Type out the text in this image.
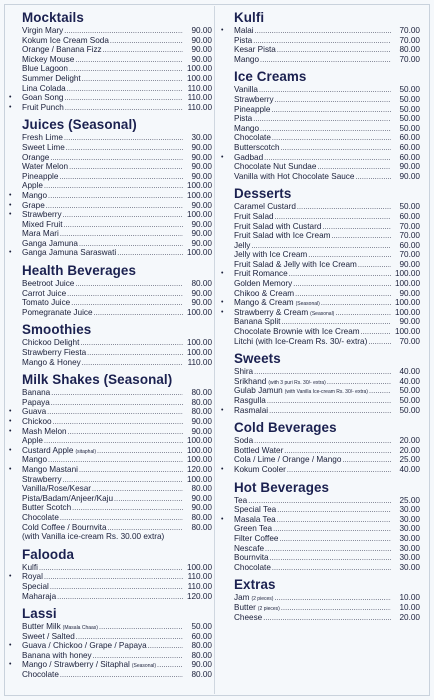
Mocktails
Virgin Mary .....	90.00
Kokum Ice Cream Soda .....	90.00
Orange / Banana Fizz .....	90.00
Mickey Mouse .....	90.00
Blue Lagoon .....	100.00
Summer Delight .....	100.00
Lina Colada .....	110.00
• Goan Song .....	110.00
• Fruit Punch .....	110.00
Juices (Seasonal)
Fresh Lime .....	30.00
Sweet Lime .....	90.00
Orange .....	90.00
Water Melon .....	90.00
Pineapple .....	90.00
Apple .....	100.00
• Mango .....	100.00
• Grape .....	90.00
• Strawberry .....	100.00
Mixed Fruit .....	90.00
Mara Mari .....	90.00
Ganga Jamuna .....	90.00
• Ganga Jamuna Saraswati .....	100.00
Health Beverages
Beetroot Juice .....	80.00
Carrot Juice .....	90.00
Tomato Juice .....	90.00
Pomegranate Juice .....	100.00
Smoothies
Chickoo Delight .....	100.00
Strawberry Fiesta .....	100.00
Mango & Honey .....	110.00
Milk Shakes (Seasonal)
Banana .....	80.00
Papaya .....	80.00
• Guava .....	80.00
• Chickoo .....	90.00
• Mash Melon .....	90.00
Apple .....	100.00
• Custard Apple (sitaphal) .....	100.00
Mango .....	100.00
• Mango Mastani .....	120.00
Strawberry .....	100.00
Vanilla/Rose/Kesar .....	80.00
Pista/Badam/Anjeer/Kaju .....	90.00
Butter Scotch .....	90.00
Chocolate .....	80.00
Cold Coffee / Bournvita .....	80.00
(with Vanilla ice-cream Rs. 30.00 extra)
Falooda
Kulfi .....	100.00
• Royal .....	110.00
Special .....	110.00
Maharaja .....	120.00
Lassi
Butter Milk (Masala Chaas) .....	50.00
Sweet / Salted .....	60.00
• Guava / Chickoo / Grape / Papaya .....	80.00
Banana with honey .....	80.00
• Mango / Strawberry / Sitaphal (Seasonal) .....	90.00
Chocolate .....	80.00
Kulfi
• Malai .....	70.00
Pista .....	70.00
Kesar Pista .....	80.00
Mango .....	70.00
Ice Creams
Vanilla .....	50.00
Strawberry .....	50.00
Pineapple .....	50.00
Pista .....	50.00
Mango .....	50.00
Chocolate .....	60.00
Butterscotch .....	60.00
• Gadbad .....	60.00
Chocolate Nut Sundae .....	90.00
Vanilla with Hot Chocolate Sauce .....	90.00
Desserts
Caramel Custard .....	50.00
Fruit Salad .....	60.00
Fruit Salad with Custard .....	70.00
Fruit Salad with Ice Cream .....	70.00
Jelly .....	60.00
Jelly with Ice Cream .....	70.00
Fruit Salad & Jelly with Ice Cream .....	90.00
• Fruit Romance .....	100.00
Golden Memory .....	100.00
Chikoo & Cream .....	90.00
• Mango & Cream (Seasonal) .....	100.00
• Strawberry & Cream (Seasonal) .....	100.00
Banana Split .....	90.00
Chocolate Brownie with Ice Cream .....	100.00
Litchi (with Ice-Cream Rs. 30/- extra) .....	70.00
Sweets
Shira .....	40.00
Srikhand (with 3 puri Rs. 30/- extra) .....	40.00
Gulab Jamun (with Vanilla Ice-cream Rs. 30/- extra) .....	50.00
Rasgulla .....	50.00
• Rasmalai .....	50.00
Cold Beverages
Soda .....	20.00
Bottled Water .....	20.00
Cola / Lime / Orange / Mango .....	25.00
• Kokum Cooler .....	40.00
Hot Beverages
Tea .....	25.00
Special Tea .....	30.00
• Masala Tea .....	30.00
Green Tea .....	30.00
Filter Coffee .....	30.00
Nescafe .....	30.00
Bournvita .....	30.00
Chocolate .....	30.00
Extras
Jam (2 pieces) .....	10.00
Butter (2 pieces) .....	10.00
Cheese .....	20.00
